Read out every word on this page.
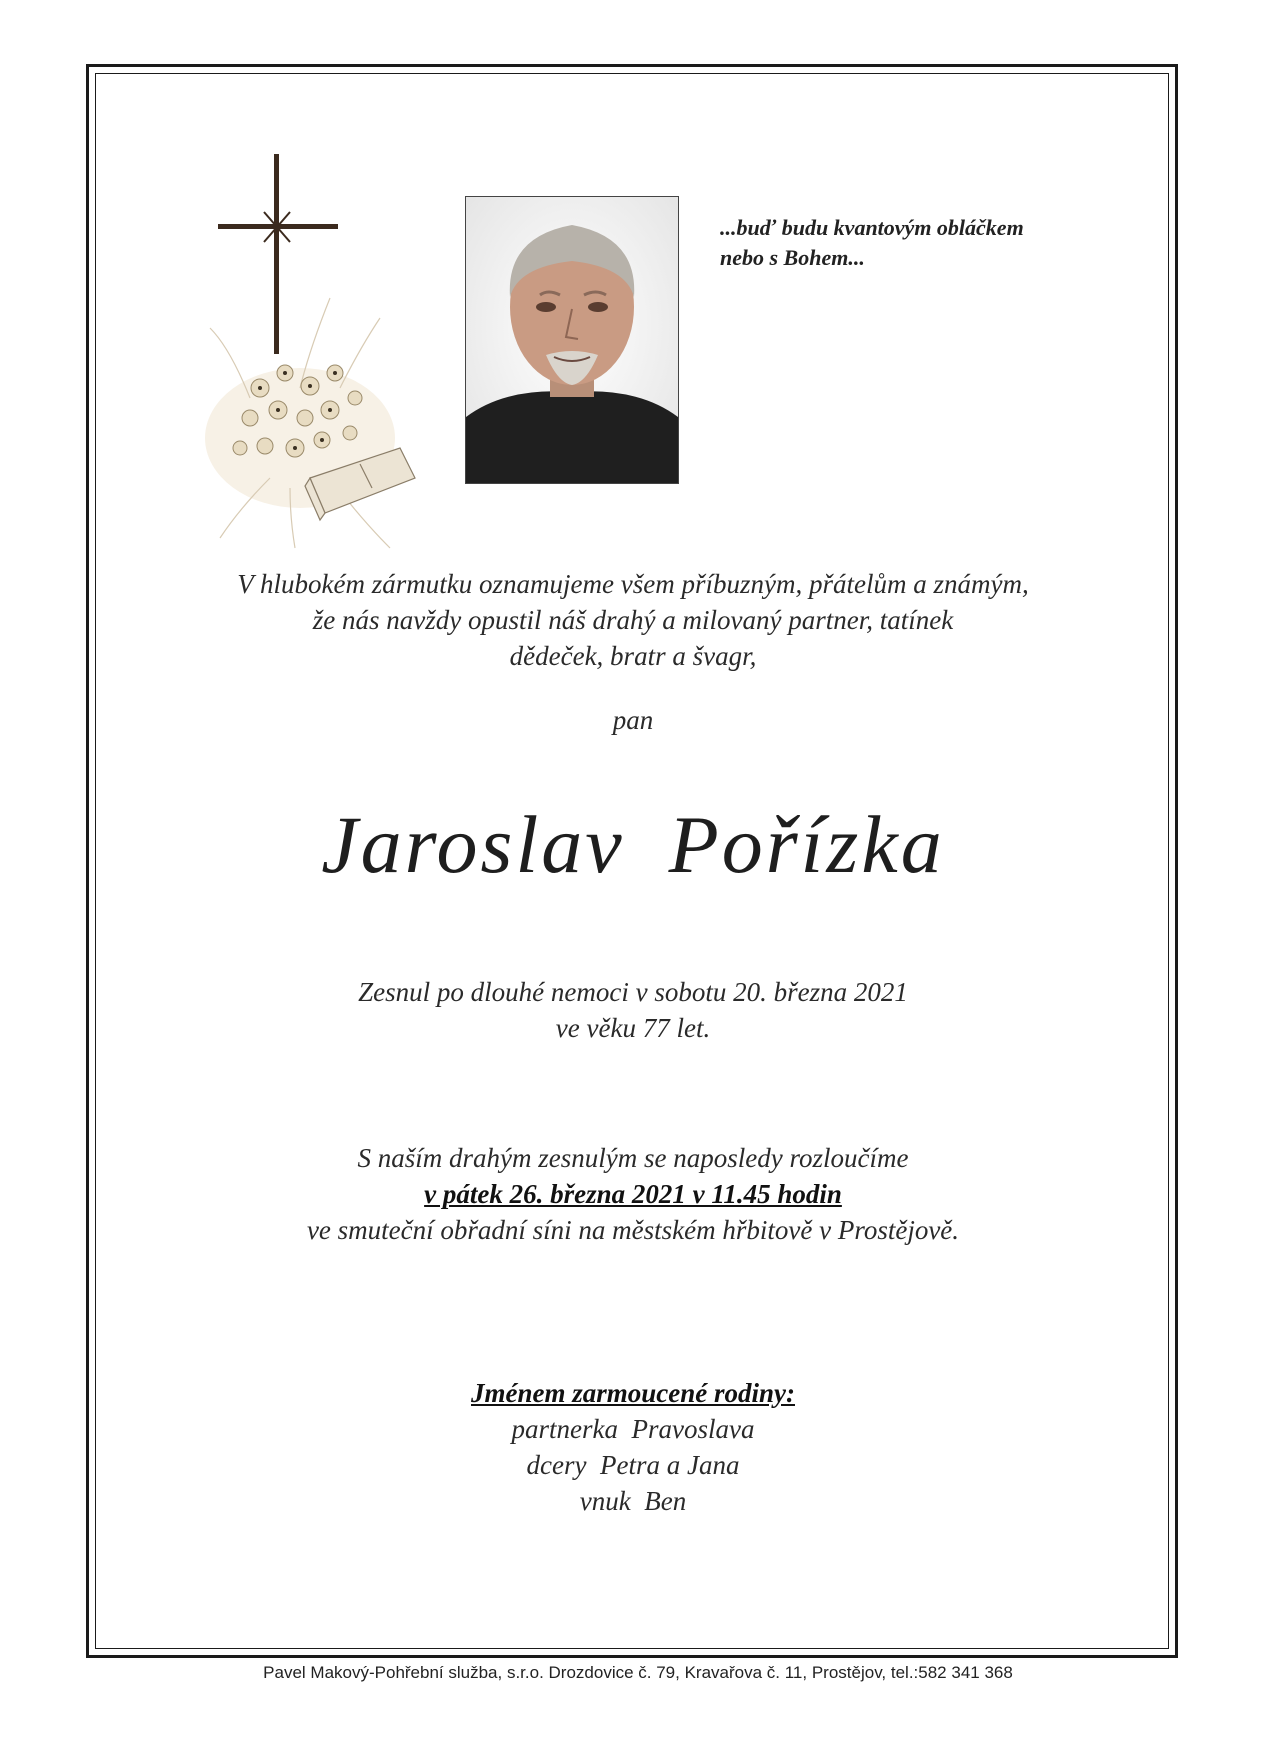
...buď budu kvantovým obláčkem
nebo s Bohem...
V hlubokém zármutku oznamujeme všem příbuzným, přátelům a známým,
že nás navždy opustil náš drahý a milovaný partner, tatínek
dědeček, bratr a švagr,
pan
Jaroslav Pořízka
Zesnul po dlouhé nemoci v sobotu 20. března 2021
ve věku 77 let.
S naším drahým zesnulým se naposledy rozloučíme
v pátek 26. března 2021 v 11.45 hodin
ve smuteční obřadní síni na městském hřbitově v Prostějově.
Jménem zarmoucené rodiny:
partnerka  Pravoslava
dcery  Petra a Jana
vnuk  Ben
Pavel Makový-Pohřební služba, s.r.o. Drozdovice č. 79, Kravařova č. 11, Prostějov, tel.:582 341 368
